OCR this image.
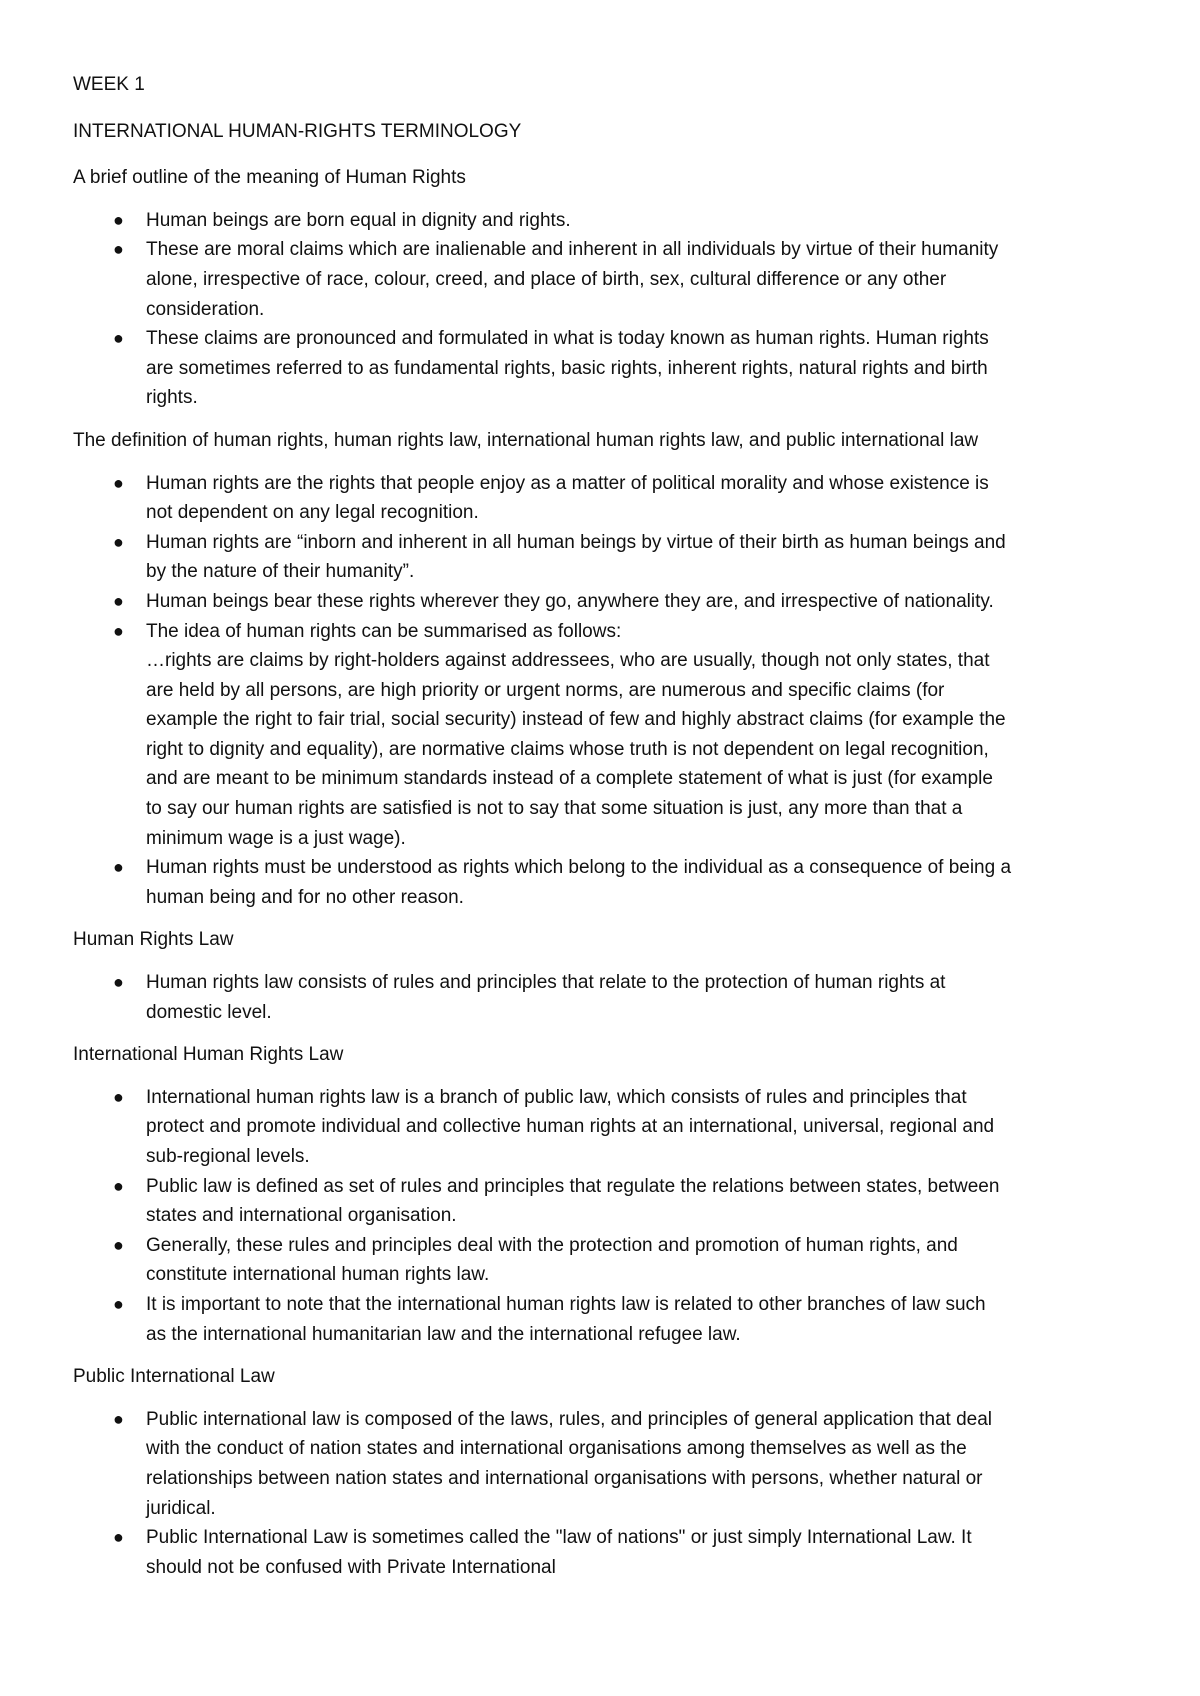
WEEK 1

INTERNATIONAL HUMAN-RIGHTS TERMINOLOGY

A brief outline of the meaning of Human Rights

● Human beings are born equal in dignity and rights.
● These are moral claims which are inalienable and inherent in all individuals by virtue of their humanity
alone, irrespective of race, colour, creed, and place of birth, sex, cultural difference or any other
consideration.
● These claims are pronounced and formulated in what is today known as human rights. Human rights
are sometimes referred to as fundamental rights, basic rights, inherent rights, natural rights and birth
rights.

The definition of human rights, human rights law, international human rights law, and public international law

● Human rights are the rights that people enjoy as a matter of political morality and whose existence is
not dependent on any legal recognition.
● Human rights are “inborn and inherent in all human beings by virtue of their birth as human beings and
by the nature of their humanity”.
● Human beings bear these rights wherever they go, anywhere they are, and irrespective of nationality.
● The idea of human rights can be summarised as follows:
…rights are claims by right-holders against addressees, who are usually, though not only states, that
are held by all persons, are high priority or urgent norms, are numerous and specific claims (for
example the right to fair trial, social security) instead of few and highly abstract claims (for example the
right to dignity and equality), are normative claims whose truth is not dependent on legal recognition,
and are meant to be minimum standards instead of a complete statement of what is just (for example
to say our human rights are satisfied is not to say that some situation is just, any more than that a
minimum wage is a just wage).
● Human rights must be understood as rights which belong to the individual as a consequence of being a
human being and for no other reason.

Human Rights Law

● Human rights law consists of rules and principles that relate to the protection of human rights at
domestic level.

International Human Rights Law

● International human rights law is a branch of public law, which consists of rules and principles that
protect and promote individual and collective human rights at an international, universal, regional and
sub-regional levels.
● Public law is defined as set of rules and principles that regulate the relations between states, between
states and international organisation.
● Generally, these rules and principles deal with the protection and promotion of human rights, and
constitute international human rights law.
● It is important to note that the international human rights law is related to other branches of law such
as the international humanitarian law and the international refugee law.

Public International Law

● Public international law is composed of the laws, rules, and principles of general application that deal
with the conduct of nation states and international organisations among themselves as well as the
relationships between nation states and international organisations with persons, whether natural or
juridical.
● Public International Law is sometimes called the "law of nations" or just simply International Law. It
should not be confused with Private International
